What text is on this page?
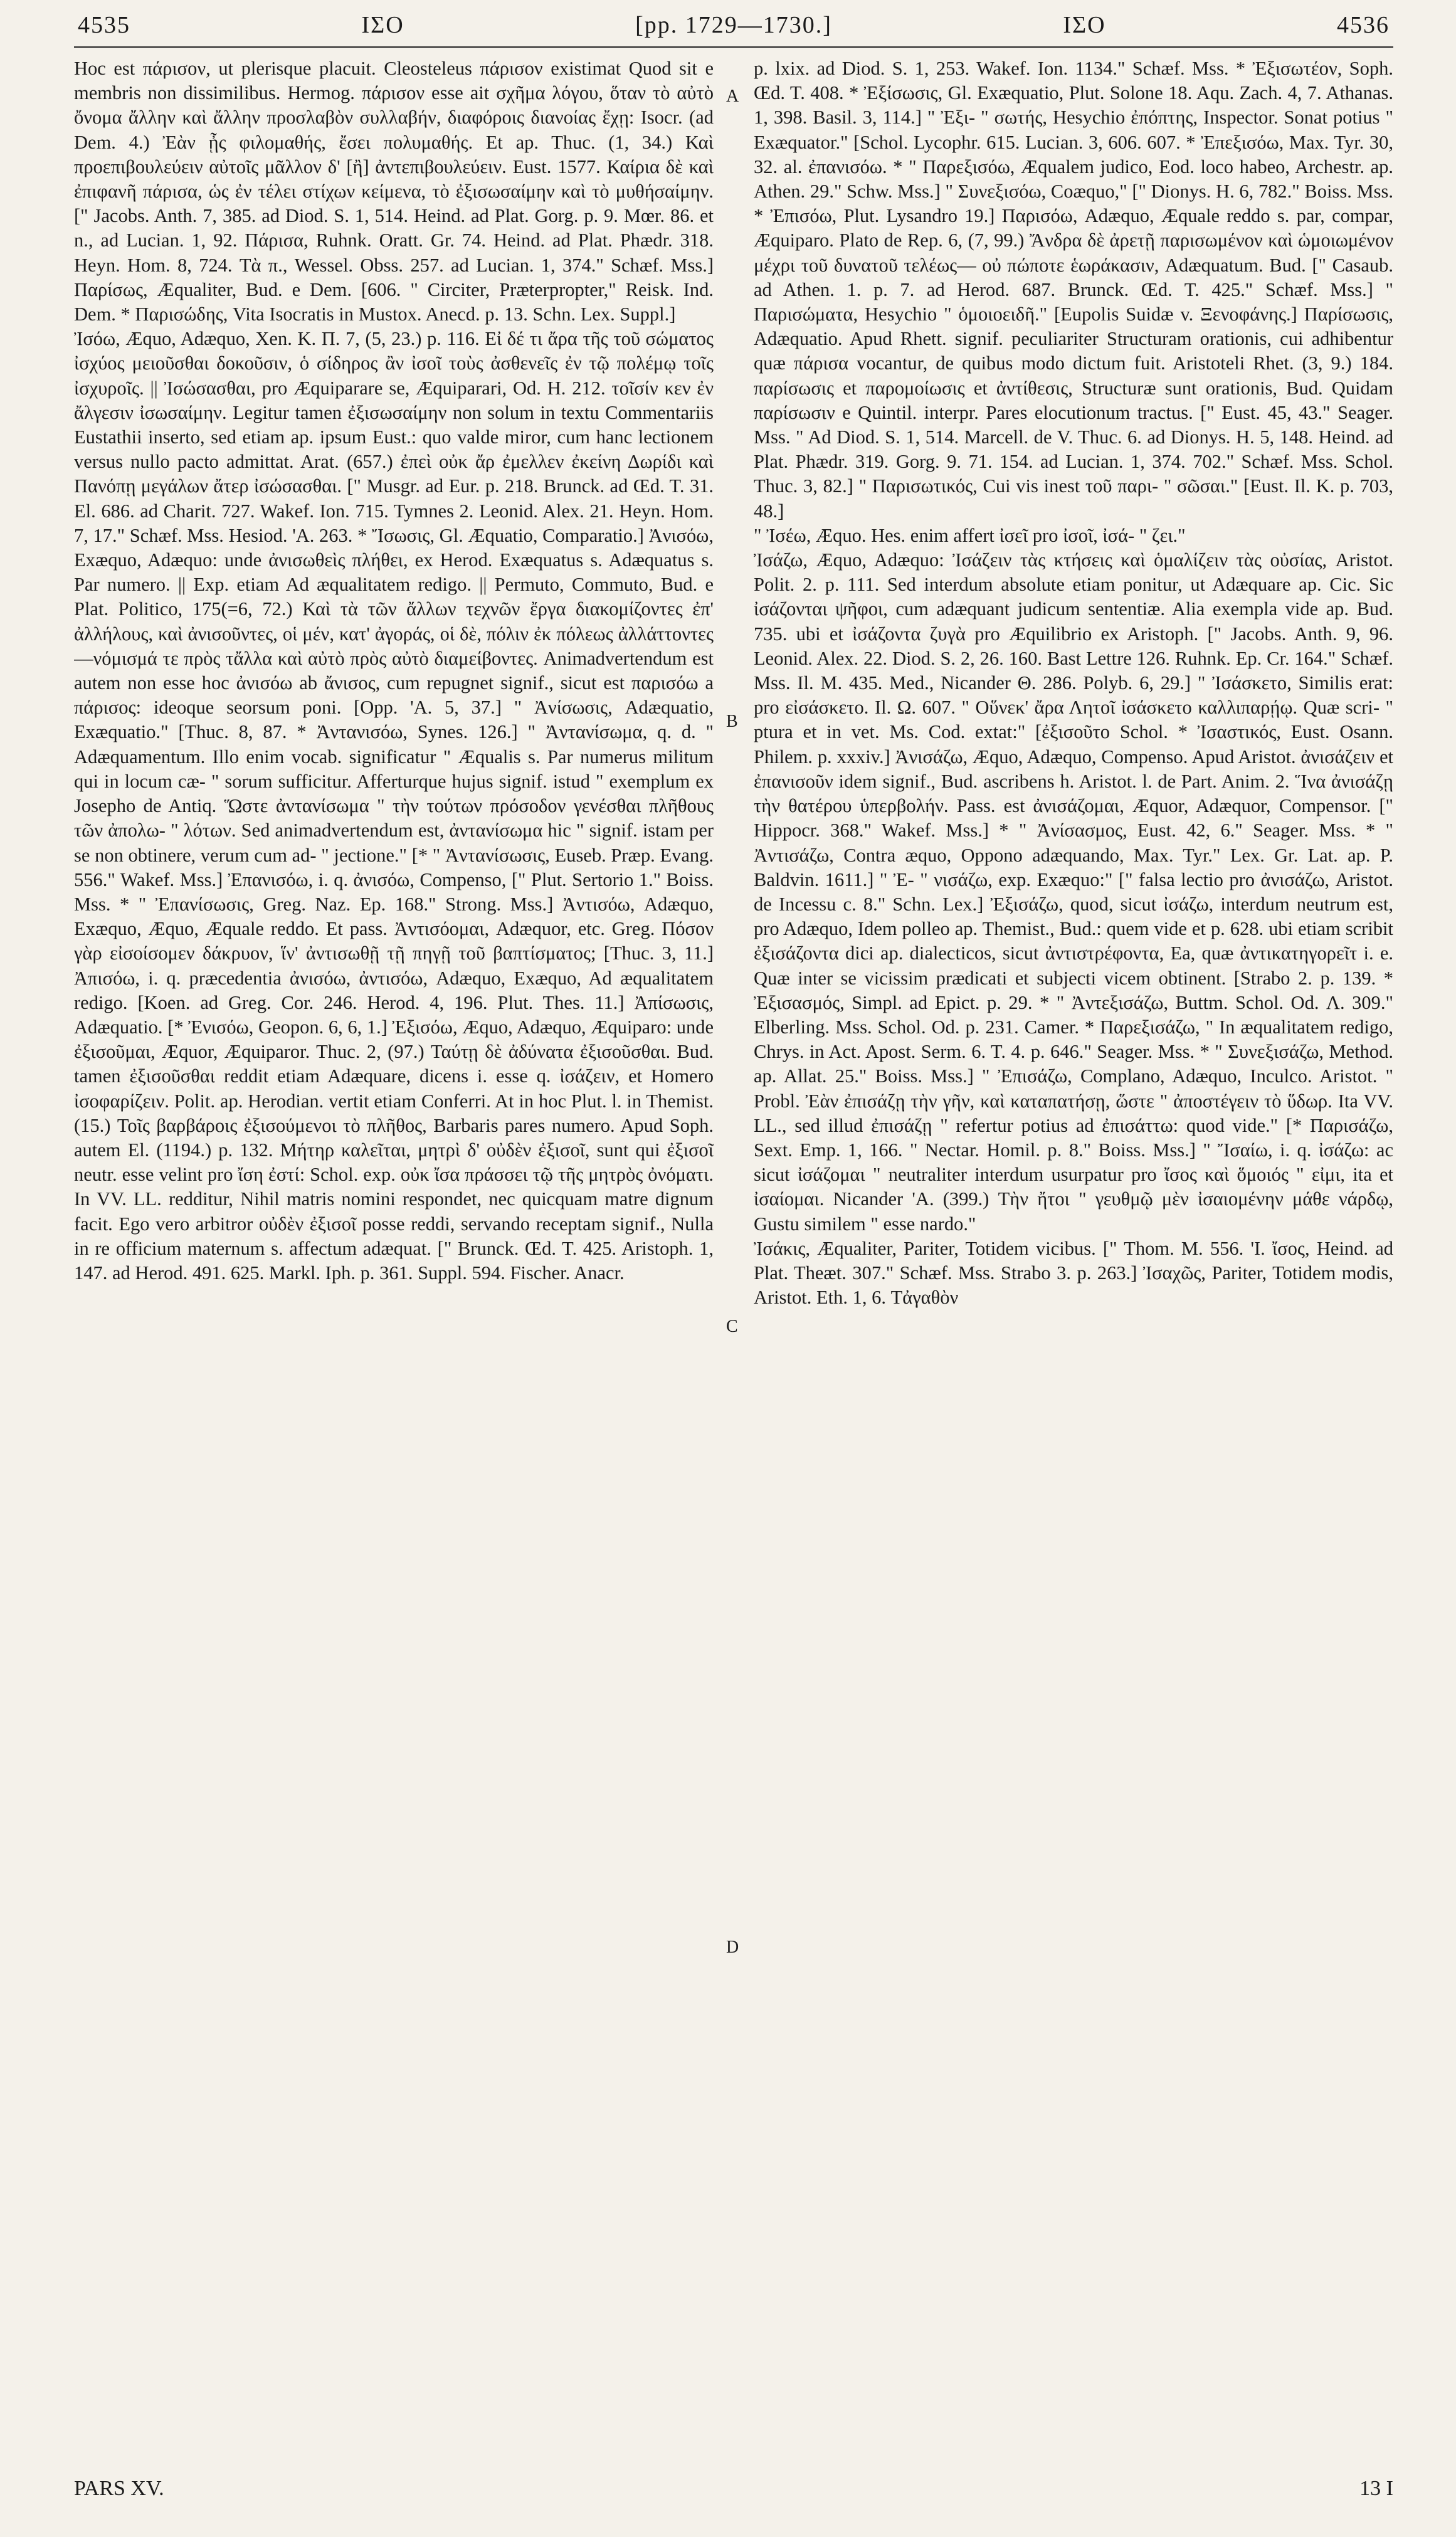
4535	ΙΣΟ	[pp. 1729—1730.]	ΙΣΟ	4536

Hoc est πάρισον, ut plerisque placuit. Cleosteleus πάρισον existimat Quod sit e membris non dissimilibus. Hermog. πάρισον esse ait σχῆμα λόγου, ὅταν τὸ αὐτὸ ὄνομα ἄλλην καὶ ἄλλην προσλαβὸν συλλαβήν, διαφόροις διανοίας ἔχῃ: Isocr. (ad Dem. 4.) Ἐὰν ᾖς φιλομαθής, ἔσει πολυμαθής. Et ap. Thuc. (1, 34.) Καὶ προεπιβουλεύειν αὐτοῖς μᾶλλον δ' [ἢ] ἀντεπιβουλεύειν. Eust. 1577. Καίρια δὲ καὶ ἐπιφανῆ πάρισα, ὡς ἐν τέλει στίχων κείμενα, τὸ ἐξισωσαίμην καὶ τὸ μυθήσαίμην. [" Jacobs. Anth. 7, 385. ad Diod. S. 1, 514. Heind. ad Plat. Gorg. p. 9. Mœr. 86. et n., ad Lucian. 1, 92. Πάρισα, Ruhnk. Oratt. Gr. 74. Heind. ad Plat. Phædr. 318. Heyn. Hom. 8, 724. Τὰ π., Wessel. Obss. 257. ad Lucian. 1, 374." Schæf. Mss.] Παρίσως, Æqualiter, Bud. e Dem. [606. " Circiter, Præterpropter," Reisk. Ind. Dem. * Παρισώδης, Vita Isocratis in Mustox. Anecd. p. 13. Schn. Lex. Suppl.]

Ἰσόω, Æquo, Adæquo, Xen. K. Π. 7, (5, 23.) p. 116. Εἰ δέ τι ἄρα τῆς τοῦ σώματος ἰσχύος μειοῦσθαι δοκοῦσιν, ὁ σίδηρος ἂν ἰσοῖ τοὺς ἀσθενεῖς ἐν τῷ πολέμῳ τοῖς ἰσχυροῖς. || Ἰσώσασθαι, pro Æquiparare se, Æquiparari, Od. H. 212. τοῖσίν κεν ἐν ἄλγεσιν ἰσωσαίμην. Legitur tamen ἐξισωσαίμην non solum in textu Commentariis Eustathii inserto, sed etiam ap. ipsum Eust.: quo valde miror, cum hanc lectionem versus nullo pacto admittat. Arat. (657.) ἐπεὶ οὐκ ἄρ ἐμελλεν ἐκείνη Δωρίδι καὶ Πανόπῃ μεγάλων ἄτερ ἰσώσασθαι. [" Musgr. ad Eur. p. 218. Brunck. ad Œd. T. 31. El. 686. ad Charit. 727. Wakef. Ion. 715. Tymnes 2. Leonid. Alex. 21. Heyn. Hom. 7, 17." Schæf. Mss. Hesiod. 'A. 263. * Ἴσωσις, Gl. Æquatio, Comparatio.] Ἀνισόω, Exæquo, Adæquo: unde ἀνισωθεὶς πλήθει, ex Herod. Exæquatus s. Adæquatus s. Par numero. || Exp. etiam Ad æqualitatem redigo. || Permuto, Commuto, Bud. e Plat. Politico, 175(=6, 72.) Καὶ τὰ τῶν ἄλλων τεχνῶν ἔργα διακομίζοντες ἐπ' ἀλλήλους, καὶ ἀνισοῦντες, οἱ μέν, κατ' ἀγοράς, οἱ δὲ, πόλιν ἐκ πόλεως ἀλλάττοντες—νόμισμά τε πρὸς τἄλλα καὶ αὐτὸ πρὸς αὐτὸ διαμείβοντες. Animadvertendum est autem non esse hoc ἀνισόω ab ἄνισος, cum repugnet signif., sicut est παρισόω a πάρισος: ideoque seorsum poni. [Opp. 'A. 5, 37.] " Ἀνίσωσις, Adæquatio, Exæquatio." [Thuc. 8, 87. * Ἀντανισόω, Synes. 126.] " Ἀντανίσωμα, q. d. " Adæquamentum. Illo enim vocab. significatur " Æqualis s. Par numerus militum qui in locum cæ- " sorum sufficitur. Afferturque hujus signif. istud " exemplum ex Josepho de Antiq. Ὥστε ἀντανίσωμα " τὴν τούτων πρόσοδον γενέσθαι πλῆθους τῶν ἀπολω- " λότων. Sed animadvertendum est, ἀντανίσωμα hic " signif. istam per se non obtinere, verum cum ad- " jectione." [* " Ἀντανίσωσις, Euseb. Præp. Evang. 556." Wakef. Mss.] Ἐπανισόω, i. q. ἀνισόω, Compenso, [" Plut. Sertorio 1." Boiss. Mss. * " Ἐπανίσωσις, Greg. Naz. Ep. 168." Strong. Mss.] Ἀντισόω, Adæquo, Exæquo, Æquo, Æquale reddo. Et pass. Ἀντισόομαι, Adæquor, etc. Greg. Πόσον γὰρ εἰσοίσομεν δάκρυον, ἵν' ἀντισωθῇ τῇ πηγῇ τοῦ βαπτίσματος; [Thuc. 3, 11.] Ἀπισόω, i. q. præcedentia ἀνισόω, ἀντισόω, Adæquo, Exæquo, Ad æqualitatem redigo. [Koen. ad Greg. Cor. 246. Herod. 4, 196. Plut. Thes. 11.] Ἀπίσωσις, Adæquatio. [* Ἐνισόω, Geopon. 6, 6, 1.] Ἐξισόω, Æquo, Adæquo, Æquiparo: unde ἐξισοῦμαι, Æquor, Æquiparor. Thuc. 2, (97.) Ταύτῃ δὲ ἀδύνατα ἐξισοῦσθαι. Bud. tamen ἐξισοῦσθαι reddit etiam Adæquare, dicens i. esse q. ἰσάζειν, et Homero ἰσοφαρίζειν. Polit. ap. Herodian. vertit etiam Conferri. At in hoc Plut. l. in Themist. (15.) Τοῖς βαρβάροις ἐξισούμενοι τὸ πλῆθος, Barbaris pares numero. Apud Soph. autem El. (1194.) p. 132. Μήτηρ καλεῖται, μητρὶ δ' οὐδὲν ἐξισοῖ, sunt qui ἐξισοῖ neutr. esse velint pro ἴση ἐστί: Schol. exp. οὐκ ἴσα πράσσει τῷ τῆς μητρὸς ὀνόματι. In VV. LL. redditur, Nihil matris nomini respondet, nec quicquam matre dignum facit. Ego vero arbitror οὐδὲν ἐξισοῖ posse reddi, servando receptam signif., Nulla in re officium maternum s. affectum adæquat. [" Brunck. Œd. T. 425. Aristoph. 1, 147. ad Herod. 491. 625. Markl. Iph. p. 361. Suppl. 594. Fischer. Anacr.

A
B
C
D

p. lxix. ad Diod. S. 1, 253. Wakef. Ion. 1134." Schæf. Mss. * Ἐξισωτέον, Soph. Œd. T. 408. * Ἐξίσωσις, Gl. Exæquatio, Plut. Solone 18. Aqu. Zach. 4, 7. Athanas. 1, 398. Basil. 3, 114.] " Ἐξι- " σωτής, Hesychio ἐπόπτης, Inspector. Sonat potius " Exæquator." [Schol. Lycophr. 615. Lucian. 3, 606. 607. * Ἐπεξισόω, Max. Tyr. 30, 32. al. ἐπανισόω. * " Παρεξισόω, Æqualem judico, Eod. loco habeo, Archestr. ap. Athen. 29." Schw. Mss.] " Συνεξισόω, Coæquo," [" Dionys. H. 6, 782." Boiss. Mss. * Ἐπισόω, Plut. Lysandro 19.] Παρισόω, Adæquo, Æquale reddo s. par, compar, Æquiparo. Plato de Rep. 6, (7, 99.) Ἄνδρα δὲ ἀρετῇ παρισωμένον καὶ ὡμοιωμένον μέχρι τοῦ δυνατοῦ τελέως— οὐ πώποτε ἑωράκασιν, Adæquatum. Bud. [" Casaub. ad Athen. 1. p. 7. ad Herod. 687. Brunck. Œd. T. 425." Schæf. Mss.] " Παρισώματα, Hesychio " ὁμοιοειδῆ." [Eupolis Suidæ v. Ξενοφάνης.] Παρίσωσις, Adæquatio. Apud Rhett. signif. peculiariter Structuram orationis, cui adhibentur quæ πάρισα vocantur, de quibus modo dictum fuit. Aristoteli Rhet. (3, 9.) 184. παρίσωσις et παρομοίωσις et ἀντίθεσις, Structuræ sunt orationis, Bud. Quidam παρίσωσιν e Quintil. interpr. Pares elocutionum tractus. [" Eust. 45, 43." Seager. Mss. " Ad Diod. S. 1, 514. Marcell. de V. Thuc. 6. ad Dionys. H. 5, 148. Heind. ad Plat. Phædr. 319. Gorg. 9. 71. 154. ad Lucian. 1, 374. 702." Schæf. Mss. Schol. Thuc. 3, 82.] " Παρισωτικός, Cui vis inest τοῦ παρι- " σῶσαι." [Eust. Il. K. p. 703, 48.]

" Ἰσέω, Æquo. Hes. enim affert ἰσεῖ pro ἰσοῖ, ἰσά- " ζει."

Ἰσάζω, Æquo, Adæquo: Ἰσάζειν τὰς κτήσεις καὶ ὁμαλίζειν τὰς οὐσίας, Aristot. Polit. 2. p. 111. Sed interdum absolute etiam ponitur, ut Adæquare ap. Cic. Sic ἰσάζονται ψῆφοι, cum adæquant judicum sententiæ. Alia exempla vide ap. Bud. 735. ubi et ἰσάζοντα ζυγὰ pro Æquilibrio ex Aristoph. [" Jacobs. Anth. 9, 96. Leonid. Alex. 22. Diod. S. 2, 26. 160. Bast Lettre 126. Ruhnk. Ep. Cr. 164." Schæf. Mss. Il. M. 435. Med., Nicander Θ. 286. Polyb. 6, 29.] " Ἰσάσκετο, Similis erat: pro εἰσάσκετο. Il. Ω. 607. " Οὕνεκ' ἄρα Λητοῖ ἰσάσκετο καλλιπαρῄῳ. Quæ scri- " ptura et in vet. Ms. Cod. extat:" [ἐξισοῦτο Schol. * Ἰσαστικός, Eust. Osann. Philem. p. xxxiv.] Ἀνισάζω, Æquo, Adæquo, Compenso. Apud Aristot. ἀνισάζειν et ἐπανισοῦν idem signif., Bud. ascribens h. Aristot. l. de Part. Anim. 2. Ἵνα ἀνισάζῃ τὴν θατέρου ὑπερβολήν. Pass. est ἀνισάζομαι, Æquor, Adæquor, Compensor. [" Hippocr. 368." Wakef. Mss.] * " Ἀνίσασμος, Eust. 42, 6." Seager. Mss. * " Ἀντισάζω, Contra æquo, Oppono adæquando, Max. Tyr." Lex. Gr. Lat. ap. P. Baldvin. 1611.] " Ἐ- " νισάζω, exp. Exæquo:" [" falsa lectio pro ἀνισάζω, Aristot. de Incessu c. 8." Schn. Lex.] Ἐξισάζω, quod, sicut ἰσάζω, interdum neutrum est, pro Adæquo, Idem polleo ap. Themist., Bud.: quem vide et p. 628. ubi etiam scribit ἐξισάζοντα dici ap. dialecticos, sicut ἀντιστρέφοντα, Ea, quæ ἀντικατηγορεῖτ i. e. Quæ inter se vicissim prædicati et subjecti vicem obtinent. [Strabo 2. p. 139. * Ἐξισασμός, Simpl. ad Epict. p. 29. * " Ἀντεξισάζω, Buttm. Schol. Od. Λ. 309." Elberling. Mss. Schol. Od. p. 231. Camer. * Παρεξισάζω, " In æqualitatem redigo, Chrys. in Act. Apost. Serm. 6. T. 4. p. 646." Seager. Mss. * " Συνεξισάζω, Method. ap. Allat. 25." Boiss. Mss.] " Ἐπισάζω, Complano, Adæquo, Inculco. Aristot. " Probl. Ἐὰν ἐπισάζῃ τὴν γῆν, καὶ καταπατήσῃ, ὥστε " ἀποστέγειν τὸ ὕδωρ. Ita VV. LL., sed illud ἐπισάζῃ " refertur potius ad ἐπισάττω: quod vide." [* Παρισάζω, Sext. Emp. 1, 166. " Nectar. Homil. p. 8." Boiss. Mss.] " Ἴσαίω, i. q. ἰσάζω: ac sicut ἰσάζομαι " neutraliter interdum usurpatur pro ἴσος καὶ ὅμοιός " εἰμι, ita et ἰσαίομαι. Nicander 'A. (399.) Τὴν ἤτοι " γευθμῷ μὲν ἰσαιομένην μάθε νάρδῳ, Gustu similem " esse nardo."

Ἰσάκις, Æqualiter, Pariter, Totidem vicibus. [" Thom. M. 556. 'I. ἴσος, Heind. ad Plat. Theæt. 307." Schæf. Mss. Strabo 3. p. 263.] Ἰσαχῶς, Pariter, Totidem modis, Aristot. Eth. 1, 6. Τἀγαθὸν

PARS XV.	13 I
